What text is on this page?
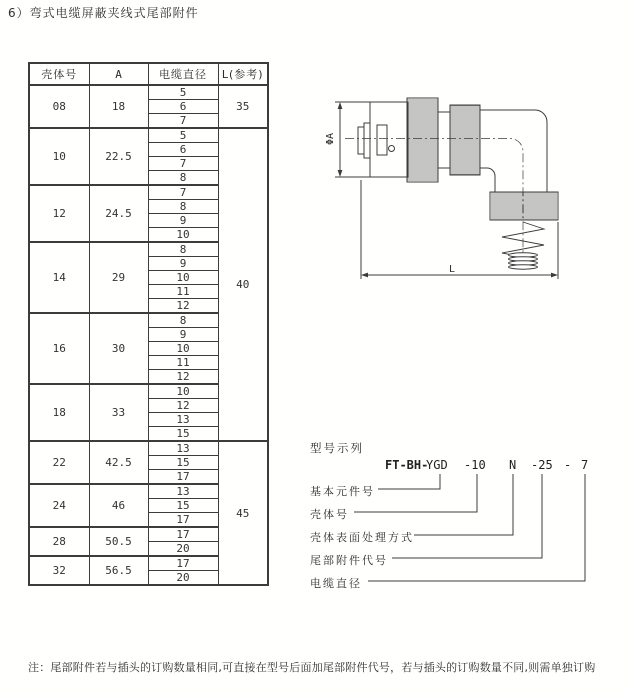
6）弯式电缆屏蔽夹线式尾部附件
壳体号	A	电缆直径	L(参考)
08	18	5	35
		6	
		7	
10	22.5	5	40
		6	
		7	
		8	
12	24.5	7	
		8	
		9	
		10	
14	29	8	
		9	
		10	
		11	
		12	
16	30	8	
		9	
		10	
		11	
		12	
18	33	10	
		12	
		13	
		15	
22	42.5	13	45
		15	
		17	
24	46	13	
		15	
		17	
28	50.5	17	
		20	
32	56.5	17	
		20	
ΦA
L
型号示列
FT-BH-
YGD -10 N -25 - 7
基本元件号
壳体号
壳体表面处理方式
尾部附件代号
电缆直径
注：尾部附件若与插头的订购数量相同,可直接在型号后面加尾部附件代号，若与插头的订购数量不同,则需单独订购
